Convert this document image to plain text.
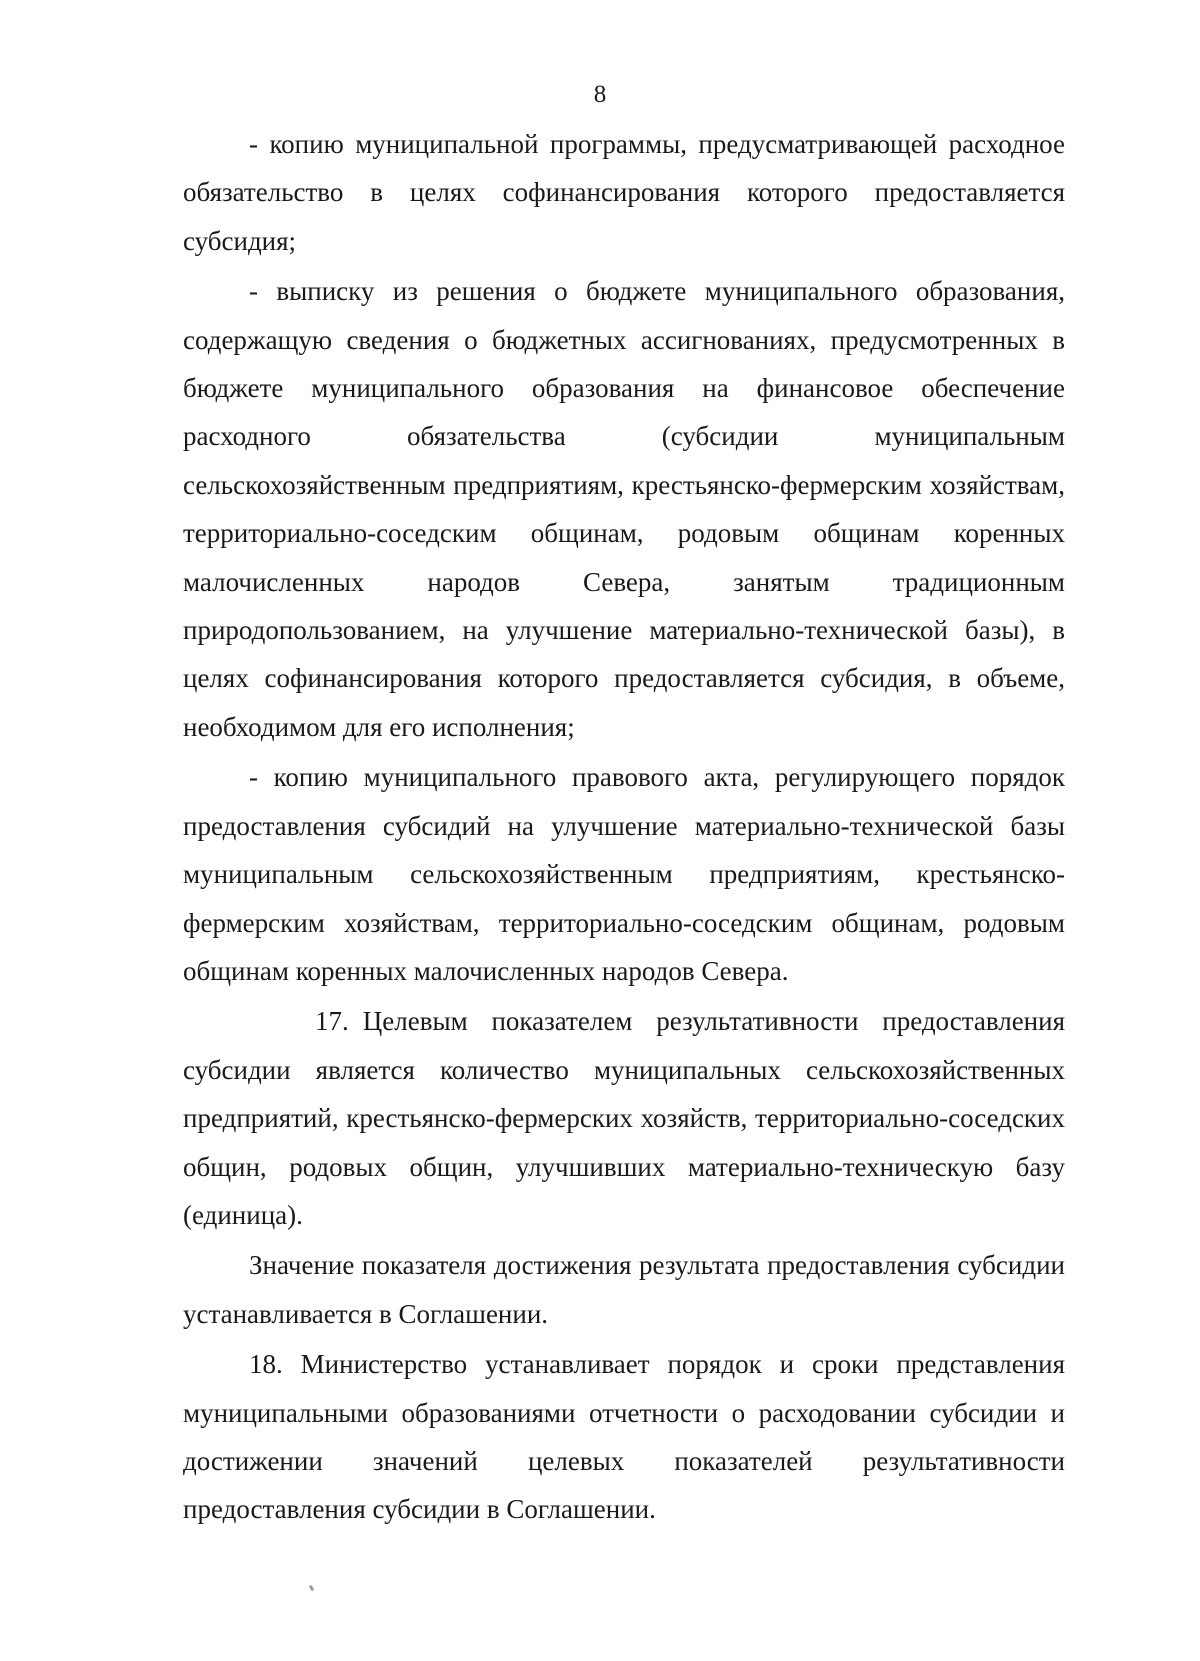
8

- копию муниципальной программы, предусматривающей расходное обязательство в целях софинансирования которого предоставляется субсидия;

- выписку из решения о бюджете муниципального образования, содержащую сведения о бюджетных ассигнованиях, предусмотренных в бюджете муниципального образования на финансовое обеспечение расходного обязательства (субсидии муниципальным сельскохозяйственным предприятиям, крестьянско-фермерским хозяйствам, территориально-соседским общинам, родовым общинам коренных малочисленных народов Севера, занятым традиционным природопользованием, на улучшение материально-технической базы), в целях софинансирования которого предоставляется субсидия, в объеме, необходимом для его исполнения;

- копию муниципального правового акта, регулирующего порядок предоставления субсидий на улучшение материально-технической базы муниципальным сельскохозяйственным предприятиям, крестьянско-фермерским хозяйствам, территориально-соседским общинам, родовым общинам коренных малочисленных народов Севера.

17. Целевым показателем результативности предоставления субсидии является количество муниципальных сельскохозяйственных предприятий, крестьянско-фермерских хозяйств, территориально-соседских общин, родовых общин, улучшивших материально-техническую базу (единица).

Значение показателя достижения результата предоставления субсидии устанавливается в Соглашении.

18. Министерство устанавливает порядок и сроки представления муниципальными образованиями отчетности о расходовании субсидии и достижении значений целевых показателей результативности предоставления субсидии в Соглашении.
